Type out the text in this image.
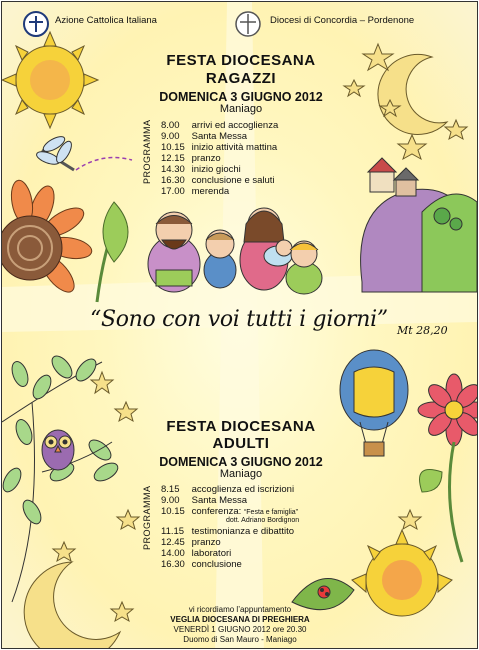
Azione Cattolica Italiana	Diocesi di Concordia – Pordenone
FESTA DIOCESANA
RAGAZZI
DOMENICA 3 GIUGNO 2012
Maniago
PROGRAMMA 8.00 arrivi ed accoglienza
9.00 Santa Messa
10.15 inizio attività mattina
12.15 pranzo
14.30 inizio giochi
16.30 conclusione e saluti
17.00 merenda
“Sono con voi tutti i giorni” Mt 28,20
FESTA DIOCESANA
ADULTI
DOMENICA 3 GIUGNO 2012
Maniago
PROGRAMMA 8.15 accoglienza ed iscrizioni
9.00 Santa Messa
10.15 conferenza: “Festa e famiglia”
dott. Adriano Bordignon
11.15 testimonianza e dibattito
12.45 pranzo
14.00 laboratori
16.30 conclusione
vi ricordiamo l’appuntamento
VEGLIA DIOCESANA DI PREGHIERA
VENERDÌ 1 GIUGNO 2012 ore 20.30
Duomo di San Mauro - Maniago
